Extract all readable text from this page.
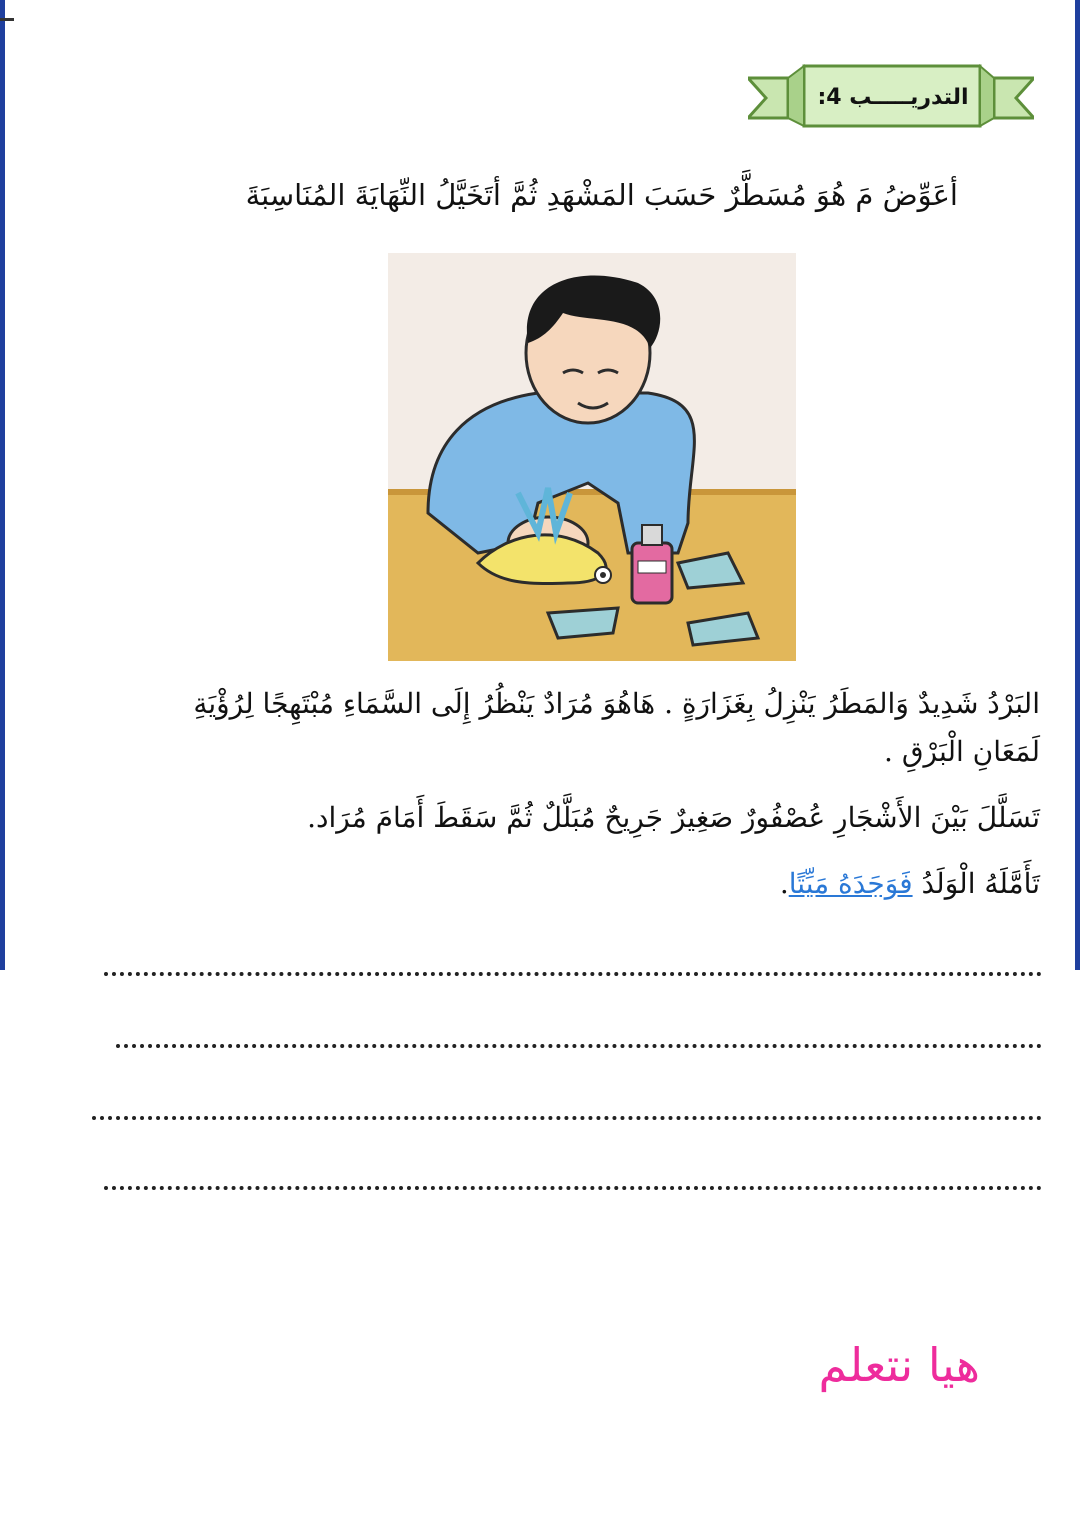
التدريـــــب 4:
أعَوِّضُ مَ هُوَ مُسَطَّرٌ حَسَبَ المَشْهَدِ ثُمَّ أتَخَيَّلُ النِّهَايَةَ المُنَاسِبَةَ

البَرْدُ شَدِيدٌ وَالمَطَرُ يَنْزِلُ بِغَزَارَةٍ . هَاهُوَ مُرَادٌ يَنْظُرُ إِلَى السَّمَاءِ مُبْتَهِجًا لِرُؤْيَةِ

لَمَعَانِ الْبَرْقِ .

تَسَلَّلَ بَيْنَ الأَشْجَارِ عُصْفُورٌ صَغِيرٌ جَرِيحٌ مُبَلَّلٌ ثُمَّ سَقَطَ أَمَامَ مُرَاد.

تَأَمَّلَهُ الْوَلَدُ فَوَجَدَهُ مَيِّتًا.

هيا نتعلم
